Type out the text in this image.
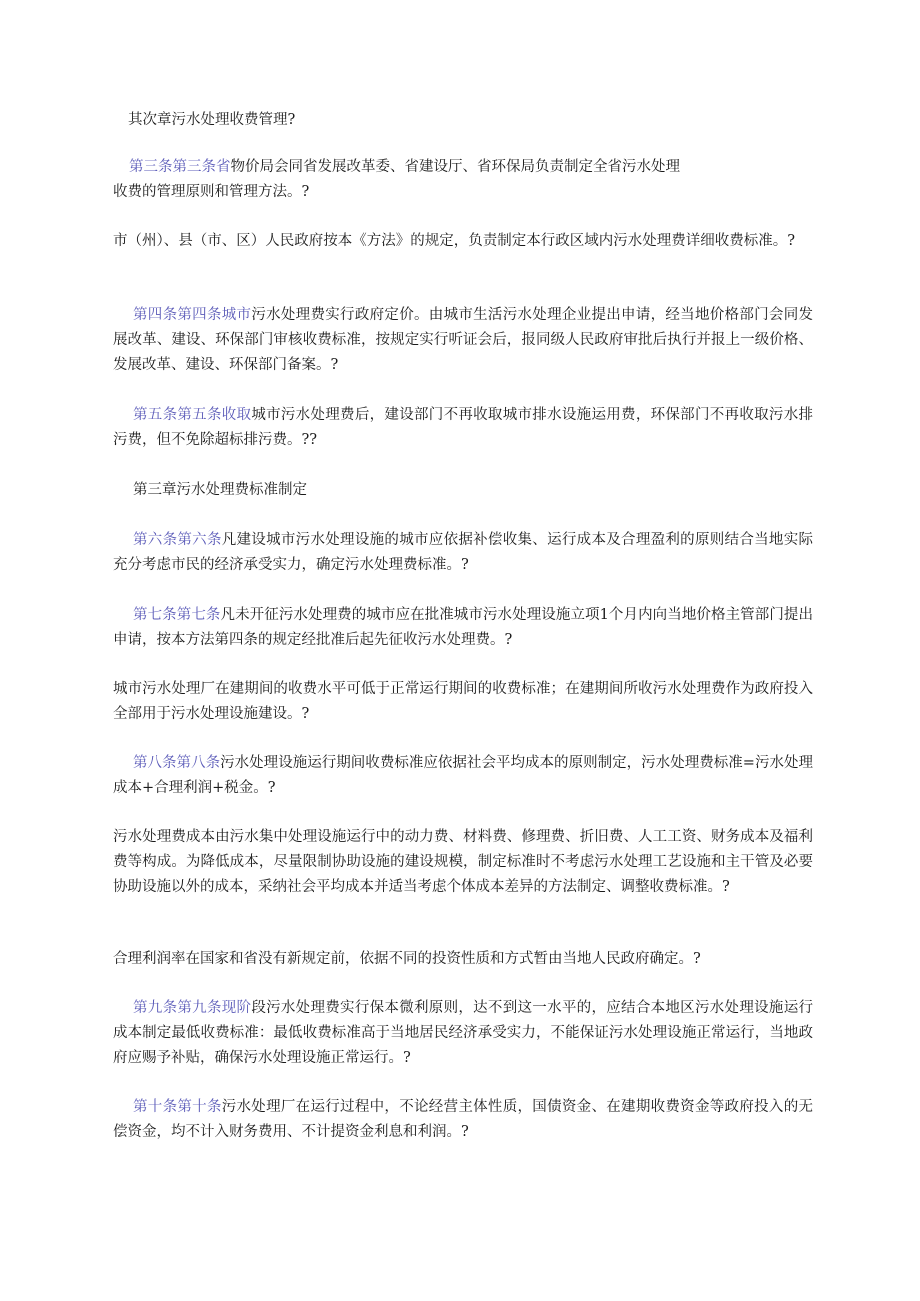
其次章污水处理收费管理?

第三条第三条省物价局会同省发展改革委、省建设厅、省环保局负责制定全省污水处理
收费的管理原则和管理方法。?

市（州）、县（市、区）人民政府按本《方法》的规定，负责制定本行政区域内污水处理费详细收费标准。?

第四条第四条城市污水处理费实行政府定价。由城市生活污水处理企业提出申请，经当地价格部门会同发展改革、建设、环保部门审核收费标准，按规定实行听证会后，报同级人民政府审批后执行并报上一级价格、发展改革、建设、环保部门备案。?

第五条第五条收取城市污水处理费后，建设部门不再收取城市排水设施运用费，环保部门不再收取污水排污费，但不免除超标排污费。??

第三章污水处理费标准制定

第六条第六条凡建设城市污水处理设施的城市应依据补偿收集、运行成本及合理盈利的原则结合当地实际充分考虑市民的经济承受实力，确定污水处理费标准。?

第七条第七条凡未开征污水处理费的城市应在批准城市污水处理设施立项1个月内向当地价格主管部门提出申请，按本方法第四条的规定经批准后起先征收污水处理费。?

城市污水处理厂在建期间的收费水平可低于正常运行期间的收费标准；在建期间所收污水处理费作为政府投入全部用于污水处理设施建设。?

第八条第八条污水处理设施运行期间收费标准应依据社会平均成本的原则制定，污水处理费标准=污水处理成本+合理利润+税金。?

污水处理费成本由污水集中处理设施运行中的动力费、材料费、修理费、折旧费、人工工资、财务成本及福利费等构成。为降低成本，尽量限制协助设施的建设规模，制定标准时不考虑污水处理工艺设施和主干管及必要协助设施以外的成本，采纳社会平均成本并适当考虑个体成本差异的方法制定、调整收费标准。?

合理利润率在国家和省没有新规定前，依据不同的投资性质和方式暂由当地人民政府确定。?

第九条第九条现阶段污水处理费实行保本微利原则，达不到这一水平的，应结合本地区污水处理设施运行成本制定最低收费标准：最低收费标准高于当地居民经济承受实力，不能保证污水处理设施正常运行，当地政府应赐予补贴，确保污水处理设施正常运行。?

第十条第十条污水处理厂在运行过程中，不论经营主体性质，国债资金、在建期收费资金等政府投入的无偿资金，均不计入财务费用、不计提资金利息和利润。?
